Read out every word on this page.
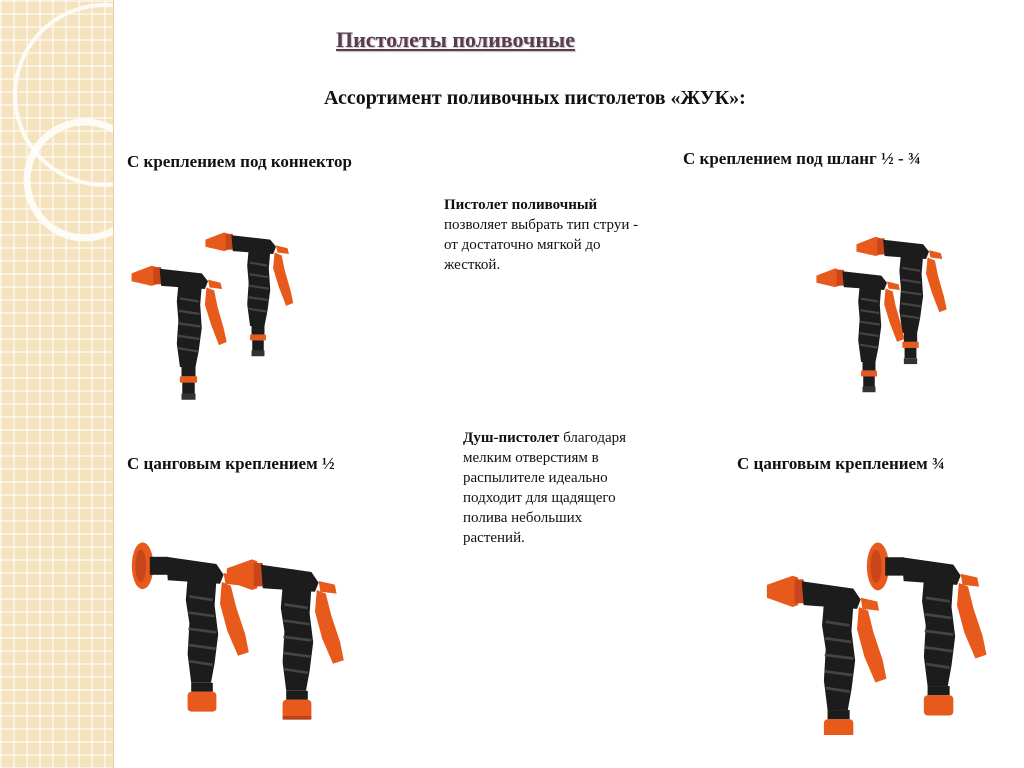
Пистолеты поливочные
Ассортимент поливочных пистолетов «ЖУК»:
С креплением под коннектор	С креплением под шланг ½ - ¾
С цанговым креплением ½	С цанговым креплением ¾
Пистолет поливочный
позволяет выбрать тип струи -
от достаточно мягкой до
жесткой.
Душ-пистолет благодаря
мелким отверстиям в
распылителе идеально
подходит для щадящего
полива небольших
растений.
